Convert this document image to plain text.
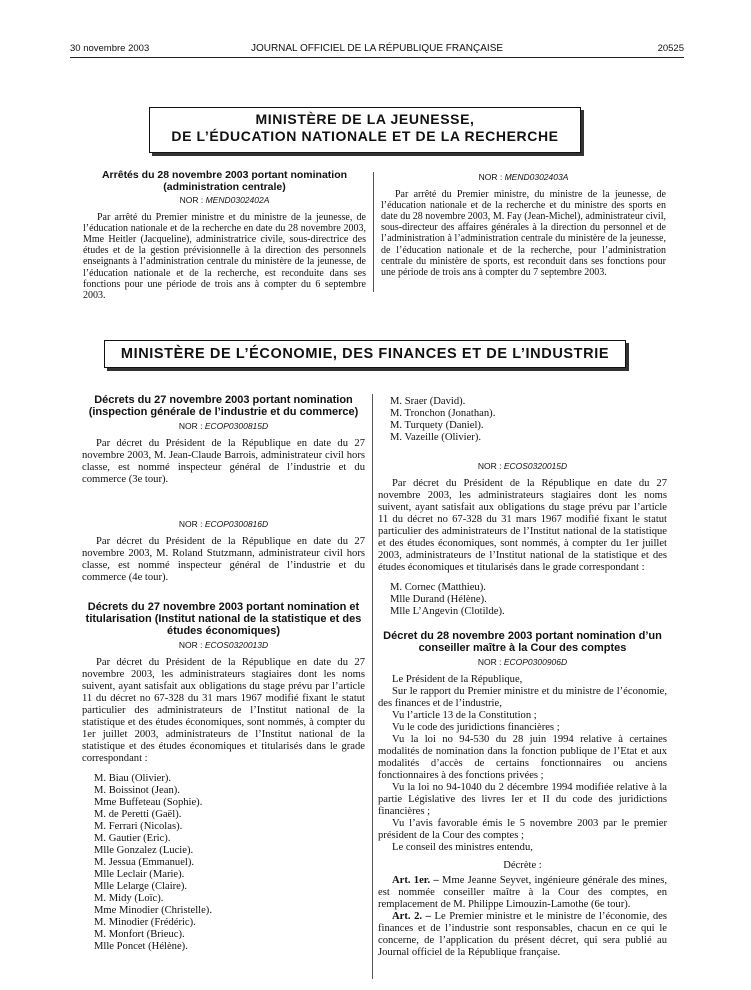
30 novembre 2003	JOURNAL OFFICIEL DE LA RÉPUBLIQUE FRANÇAISE	20525
MINISTÈRE DE LA JEUNESSE,
DE L’ÉDUCATION NATIONALE ET DE LA RECHERCHE
Arrêtés du 28 novembre 2003 portant nomination (administration centrale)
NOR : MEND0302402A

Par arrêté du Premier ministre et du ministre de la jeunesse, de l’éducation nationale et de la recherche en date du 28 novembre 2003, Mme Heitler (Jacqueline), administratrice civile, sous-directrice des études et de la gestion prévisionnelle à la direction des personnels enseignants à l’administration centrale du ministère de la jeunesse, de l’éducation nationale et de la recherche, est reconduite dans ses fonctions pour une période de trois ans à compter du 6 septembre 2003.

NOR : MEND0302403A

Par arrêté du Premier ministre, du ministre de la jeunesse, de l’éducation nationale et de la recherche et du ministre des sports en date du 28 novembre 2003, M. Fay (Jean-Michel), administrateur civil, sous-directeur des affaires générales à la direction du personnel et de l’administration à l’administration centrale du ministère de la jeunesse, de l’éducation nationale et de la recherche, pour l’administration centrale du ministère de sports, est reconduit dans ses fonctions pour une période de trois ans à compter du 7 septembre 2003.

MINISTÈRE DE L’ÉCONOMIE, DES FINANCES ET DE L’INDUSTRIE
Décrets du 27 novembre 2003 portant nomination (inspection générale de l’industrie et du commerce)
NOR : ECOP0300815D

Par décret du Président de la République en date du 27 novembre 2003, M. Jean-Claude Barrois, administrateur civil hors classe, est nommé inspecteur général de l’industrie et du commerce (3e tour).

NOR : ECOP0300816D

Par décret du Président de la République en date du 27 novembre 2003, M. Roland Stutzmann, administrateur civil hors classe, est nommé inspecteur général de l’industrie et du commerce (4e tour).

Décrets du 27 novembre 2003 portant nomination et titularisation (Institut national de la statistique et des études économiques)
NOR : ECOS0320013D

Par décret du Président de la République en date du 27 novembre 2003, les administrateurs stagiaires dont les noms suivent, ayant satisfait aux obligations du stage prévu par l’article 11 du décret no 67-328 du 31 mars 1967 modifié fixant le statut particulier des administrateurs de l’Institut national de la statistique et des études économiques, sont nommés, à compter du 1er juillet 2003, administrateurs de l’Institut national de la statistique et des études économiques et titularisés dans le grade correspondant :

M. Biau (Olivier).
M. Boissinot (Jean).
Mme Buffeteau (Sophie).
M. de Peretti (Gaël).
M. Ferrari (Nicolas).
M. Gautier (Eric).
Mlle Gonzalez (Lucie).
M. Jessua (Emmanuel).
Mlle Leclair (Marie).
Mlle Lelarge (Claire).
M. Midy (Loïc).
Mme Minodier (Christelle).
M. Minodier (Frédéric).
M. Monfort (Brieuc).
Mlle Poncet (Hélène).
M. Sraer (David).
M. Tronchon (Jonathan).
M. Turquety (Daniel).
M. Vazeille (Olivier).
NOR : ECOS0320015D

Par décret du Président de la République en date du 27 novembre 2003, les administrateurs stagiaires dont les noms suivent, ayant satisfait aux obligations du stage prévu par l’article 11 du décret no 67-328 du 31 mars 1967 modifié fixant le statut particulier des administrateurs de l’Institut national de la statistique et des études économiques, sont nommés, à compter du 1er juillet 2003, administrateurs de l’Institut national de la statistique et des études économiques et titularisés dans le grade correspondant :

M. Cornec (Matthieu).
Mlle Durand (Hélène).
Mlle L’Angevin (Clotilde).
Décret du 28 novembre 2003 portant nomination d’un conseiller maître à la Cour des comptes
NOR : ECOP0300906D

Le Président de la République,

Sur le rapport du Premier ministre et du ministre de l’économie, des finances et de l’industrie,

Vu l’article 13 de la Constitution ;

Vu le code des juridictions financières ;

Vu la loi no 94-530 du 28 juin 1994 relative à certaines modalités de nomination dans la fonction publique de l’Etat et aux modalités d’accès de certains fonctionnaires ou anciens fonctionnaires à des fonctions privées ;

Vu la loi no 94-1040 du 2 décembre 1994 modifiée relative à la partie Législative des livres Ier et II du code des juridictions financières ;

Vu l’avis favorable émis le 5 novembre 2003 par le premier président de la Cour des comptes ;

Le conseil des ministres entendu,

Décrète :

Art. 1er. – Mme Jeanne Seyvet, ingénieure générale des mines, est nommée conseiller maître à la Cour des comptes, en remplacement de M. Philippe Limouzin-Lamothe (6e tour).

Art. 2. – Le Premier ministre et le ministre de l’économie, des finances et de l’industrie sont responsables, chacun en ce qui le concerne, de l’application du présent décret, qui sera publié au Journal officiel de la République française.
